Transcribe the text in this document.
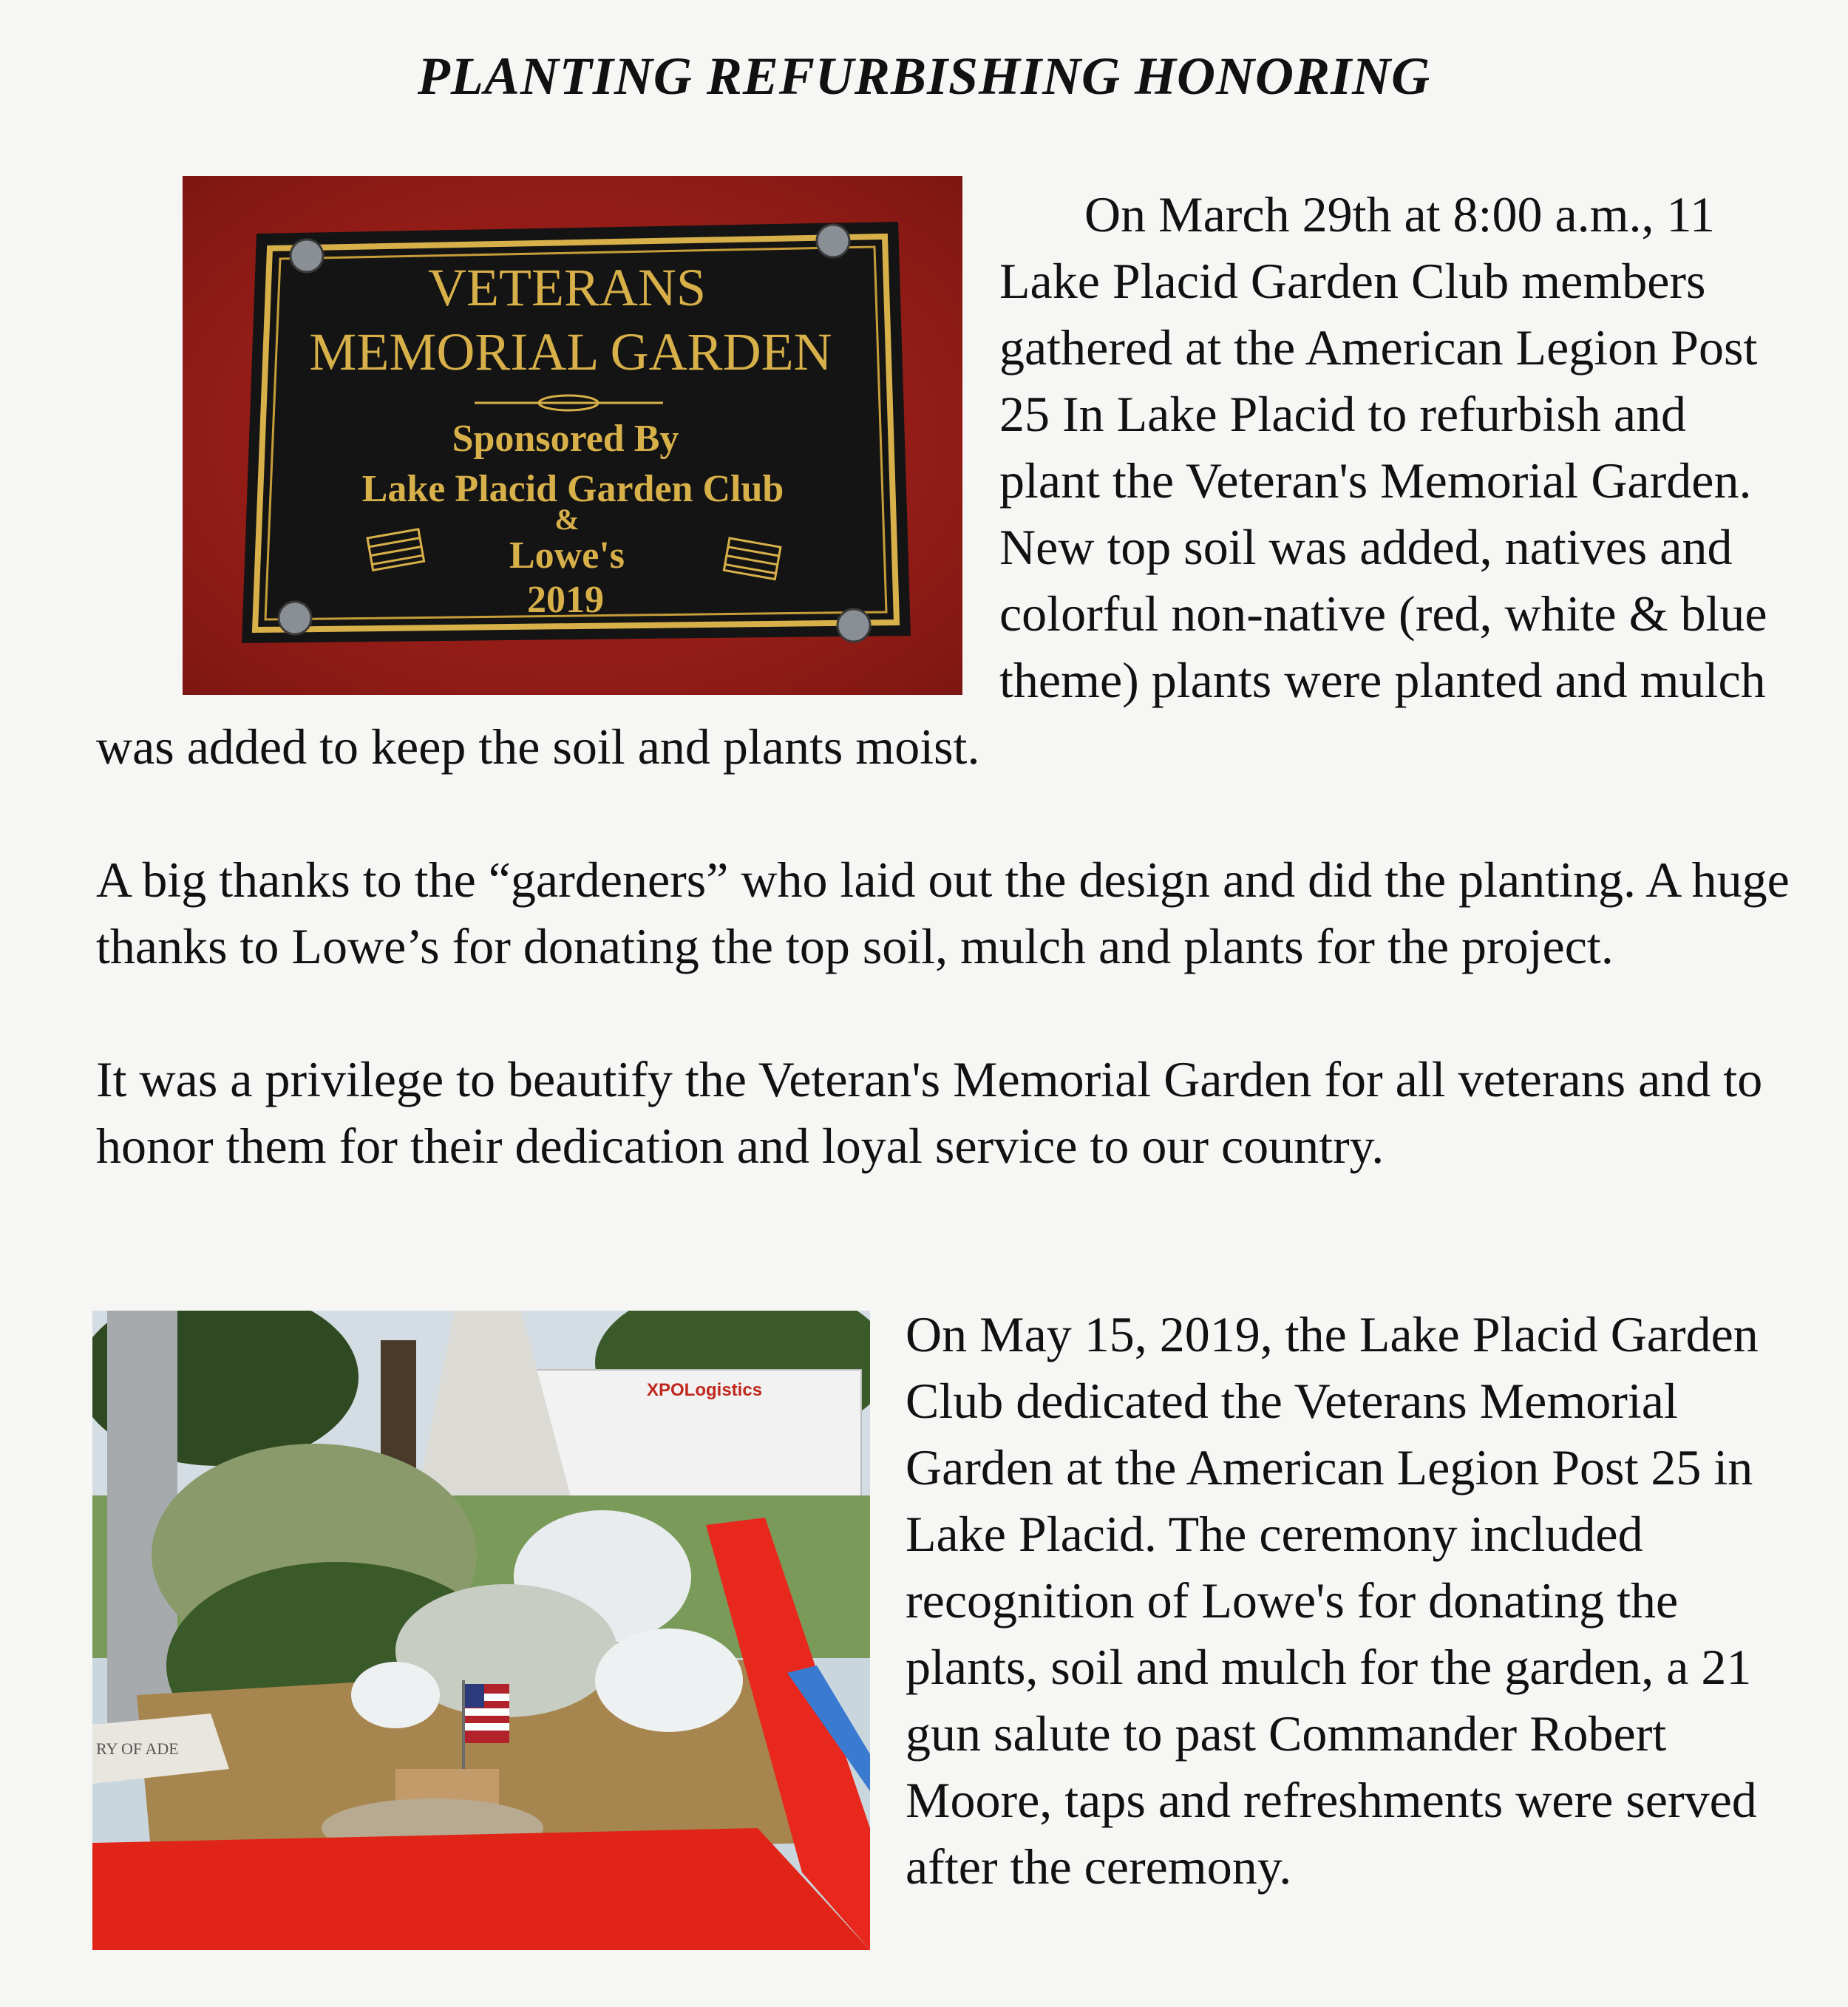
PLANTING REFURBISHING HONORING
VETERANS
MEMORIAL GARDEN
Sponsored By
Lake Placid Garden Club
&
Lowe's
2019
On March 29th at 8:00 a.m., 11 Lake Placid Garden Club members gathered at the American Legion Post 25 In Lake Placid to refurbish and plant the Veteran's Memorial Garden. New top soil was added, natives and colorful non-native (red, white & blue theme) plants were planted and mulch was added to keep the soil and plants moist.
A big thanks to the “gardeners” who laid out the design and did the planting. A huge thanks to Lowe’s for donating the top soil, mulch and plants for the project.
It was a privilege to beautify the Veteran's Memorial Garden for all veterans and to honor them for their dedication and loyal service to our country.
XPOLogistics
RY OF ADE
On May 15, 2019, the Lake Placid Garden Club dedicated the Veterans Memorial Garden at the American Legion Post 25 in Lake Placid. The ceremony included recognition of Lowe's for donating the plants, soil and mulch for the garden, a 21 gun salute to past Commander Robert Moore, taps and refreshments were served after the ceremony.
